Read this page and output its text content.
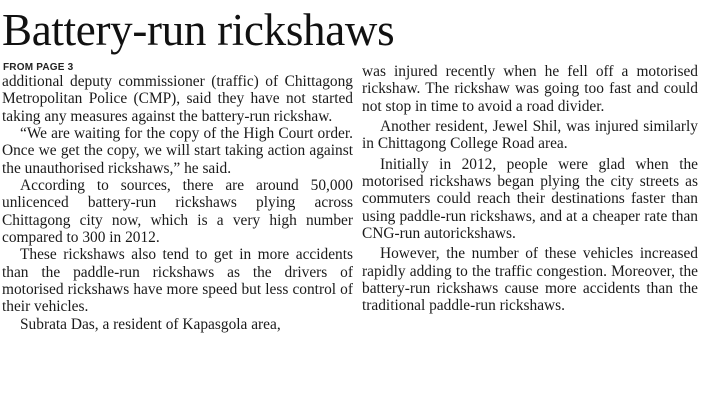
Battery-run rickshaws
FROM PAGE 3

additional deputy commissioner (traffic) of Chittagong Metropolitan Police (CMP), said they have not started taking any measures against the battery-run rickshaw.

“We are waiting for the copy of the High Court order. Once we get the copy, we will start taking action against the unauthorised rickshaws,” he said.

According to sources, there are around 50,000 unlicenced battery-run rickshaws plying across Chittagong city now, which is a very high number compared to 300 in 2012.

These rickshaws also tend to get in more accidents than the paddle-run rickshaws as the drivers of motorised rickshaws have more speed but less control of their vehicles.

Subrata Das, a resident of Kapasgola area,

was injured recently when he fell off a motorised rickshaw. The rickshaw was going too fast and could not stop in time to avoid a road divider.

Another resident, Jewel Shil, was injured similarly in Chittagong College Road area.

Initially in 2012, people were glad when the motorised rickshaws began plying the city streets as commuters could reach their destinations faster than using paddle-run rickshaws, and at a cheaper rate than CNG-run autorickshaws.

However, the number of these vehicles increased rapidly adding to the traffic congestion. Moreover, the battery-run rickshaws cause more accidents than the traditional paddle-run rickshaws.
